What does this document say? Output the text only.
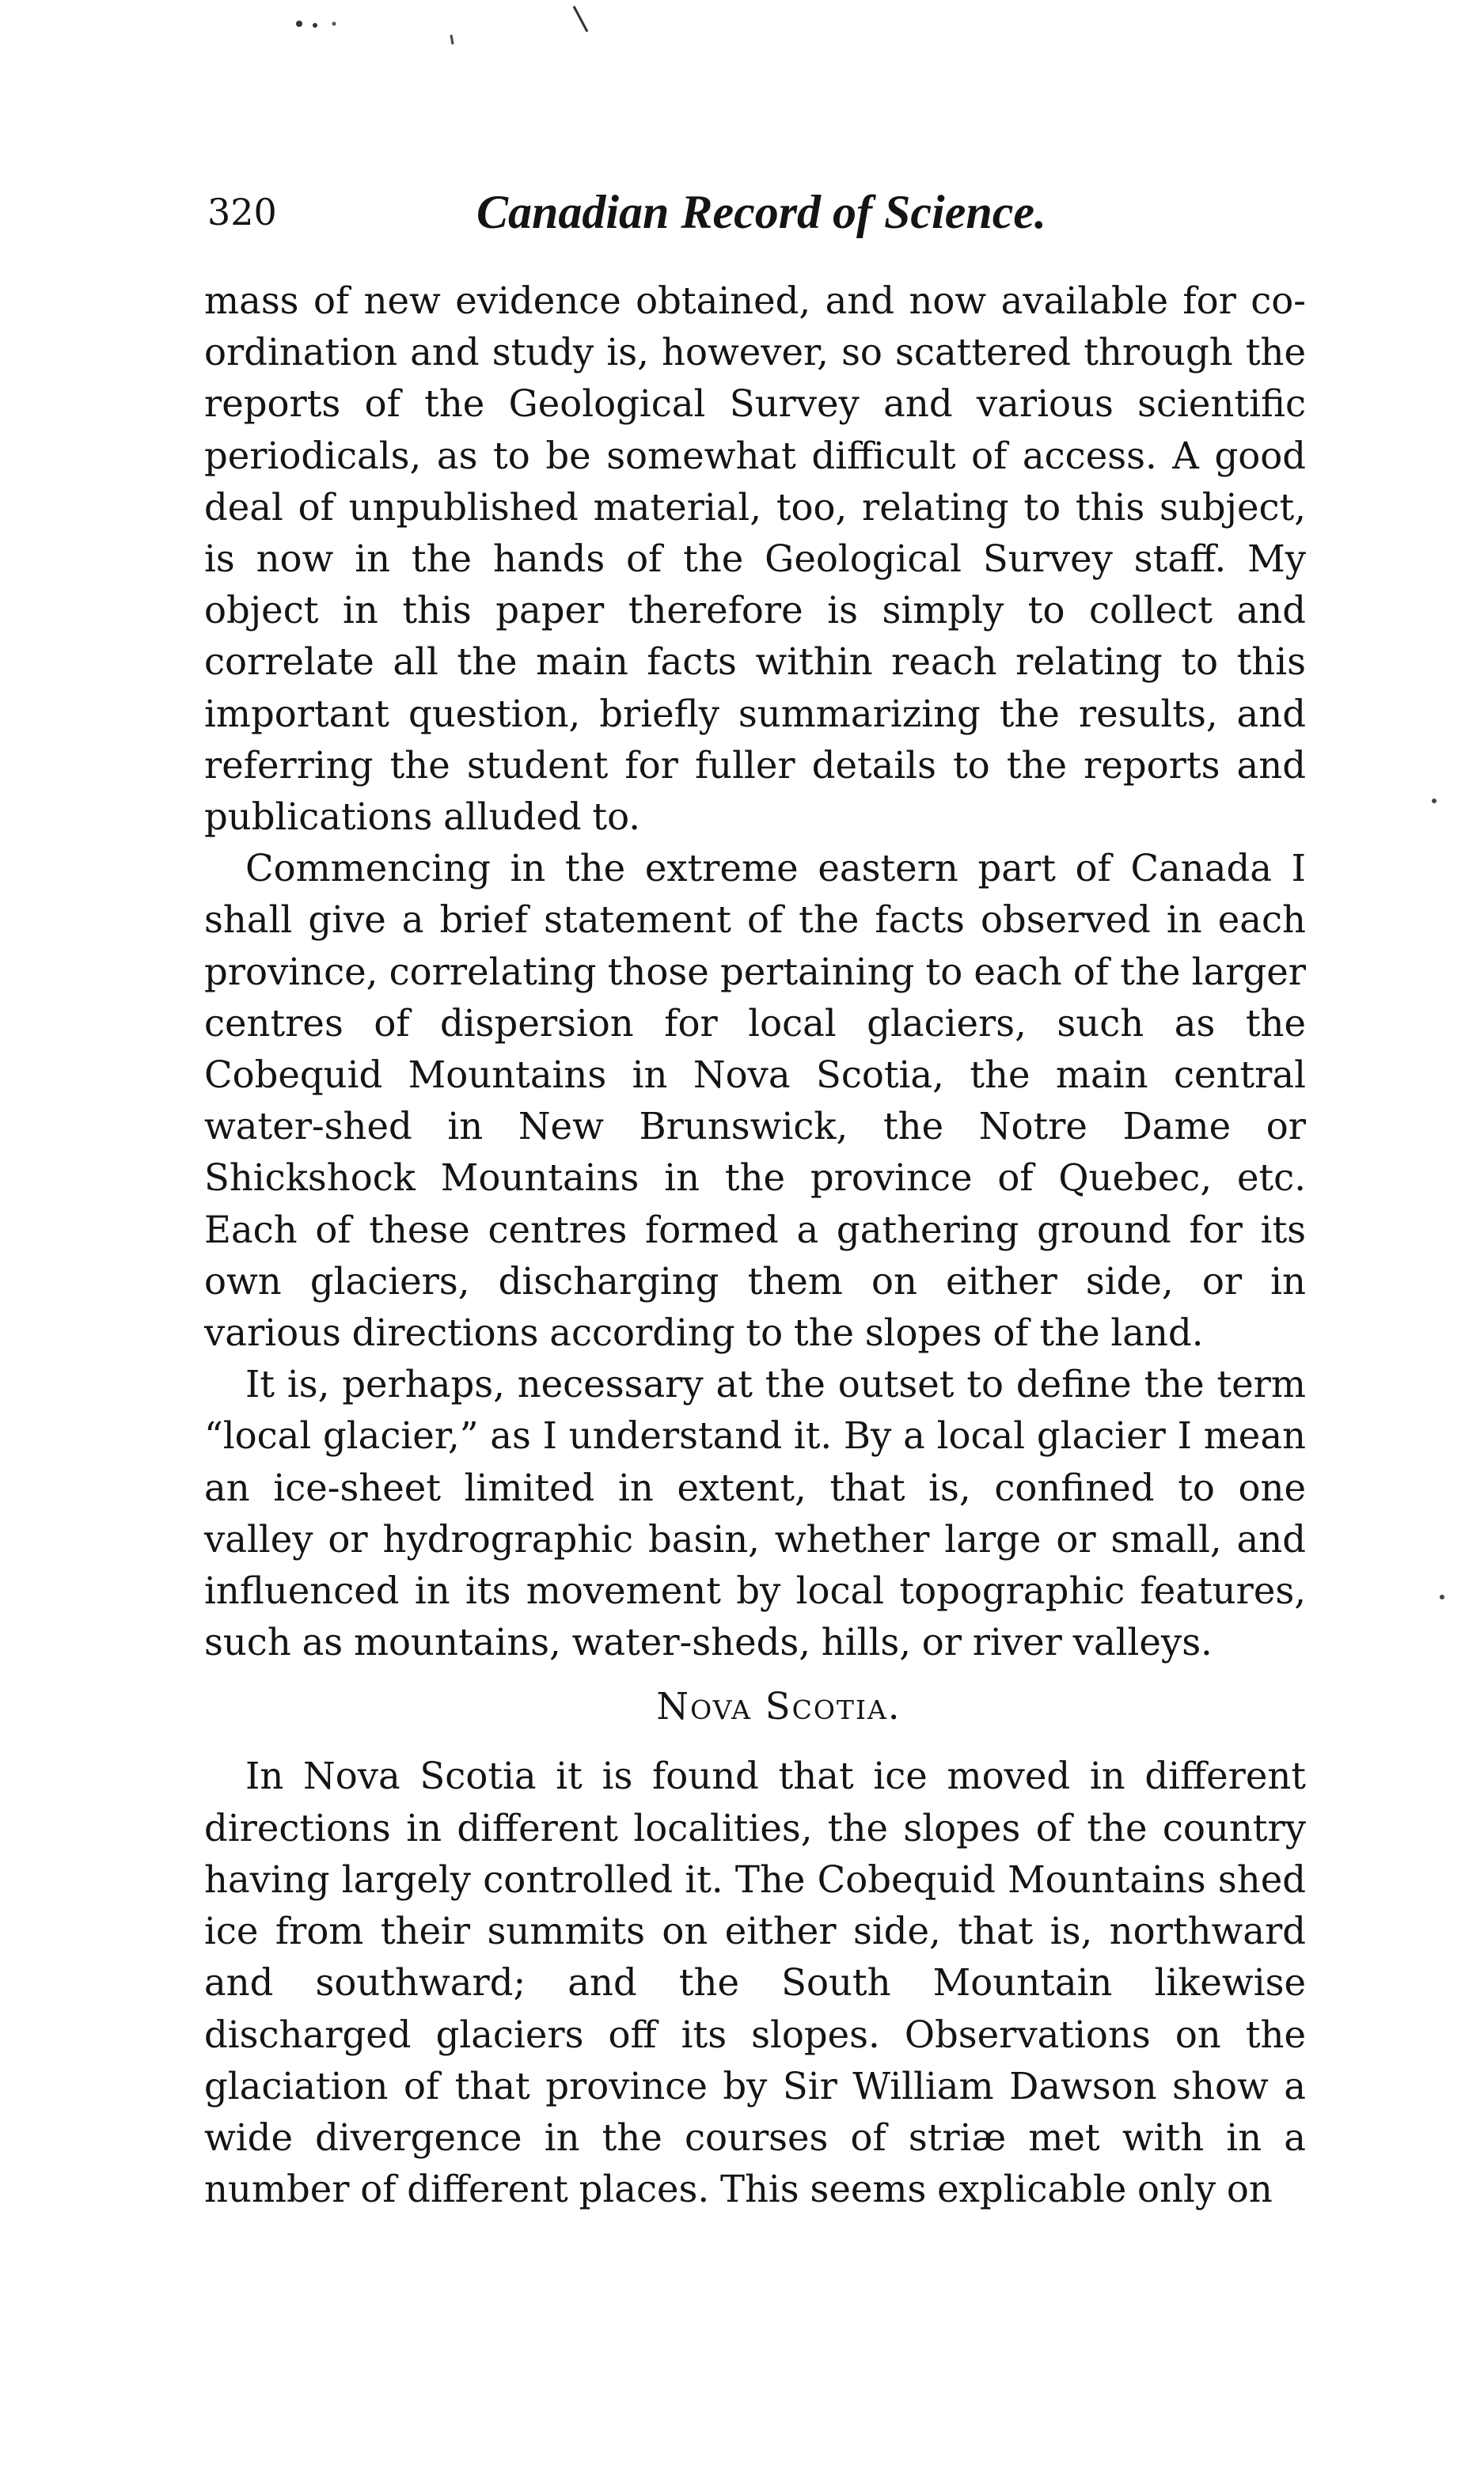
320	Canadian Record of Science.

mass of new evidence obtained, and now available for co-ordination and study is, however, so scattered through the reports of the Geological Survey and various scientific periodicals, as to be somewhat difficult of access. A good deal of unpublished material, too, relating to this subject, is now in the hands of the Geological Survey staff. My object in this paper therefore is simply to collect and correlate all the main facts within reach relating to this important question, briefly summarizing the results, and referring the student for fuller details to the reports and publications alluded to.

Commencing in the extreme eastern part of Canada I shall give a brief statement of the facts observed in each province, correlating those pertaining to each of the larger centres of dispersion for local glaciers, such as the Cobequid Mountains in Nova Scotia, the main central water-shed in New Brunswick, the Notre Dame or Shickshock Mountains in the province of Quebec, etc. Each of these centres formed a gathering ground for its own glaciers, discharging them on either side, or in various directions according to the slopes of the land.

It is, perhaps, necessary at the outset to define the term “local glacier,” as I understand it. By a local glacier I mean an ice-sheet limited in extent, that is, confined to one valley or hydrographic basin, whether large or small, and influenced in its movement by local topographic features, such as mountains, water-sheds, hills, or river valleys.

Nova Scotia.

In Nova Scotia it is found that ice moved in different directions in different localities, the slopes of the country having largely controlled it. The Cobequid Mountains shed ice from their summits on either side, that is, northward and southward; and the South Mountain likewise discharged glaciers off its slopes. Observations on the glaciation of that province by Sir William Dawson show a wide divergence in the courses of striæ met with in a number of different places. This seems explicable only on
